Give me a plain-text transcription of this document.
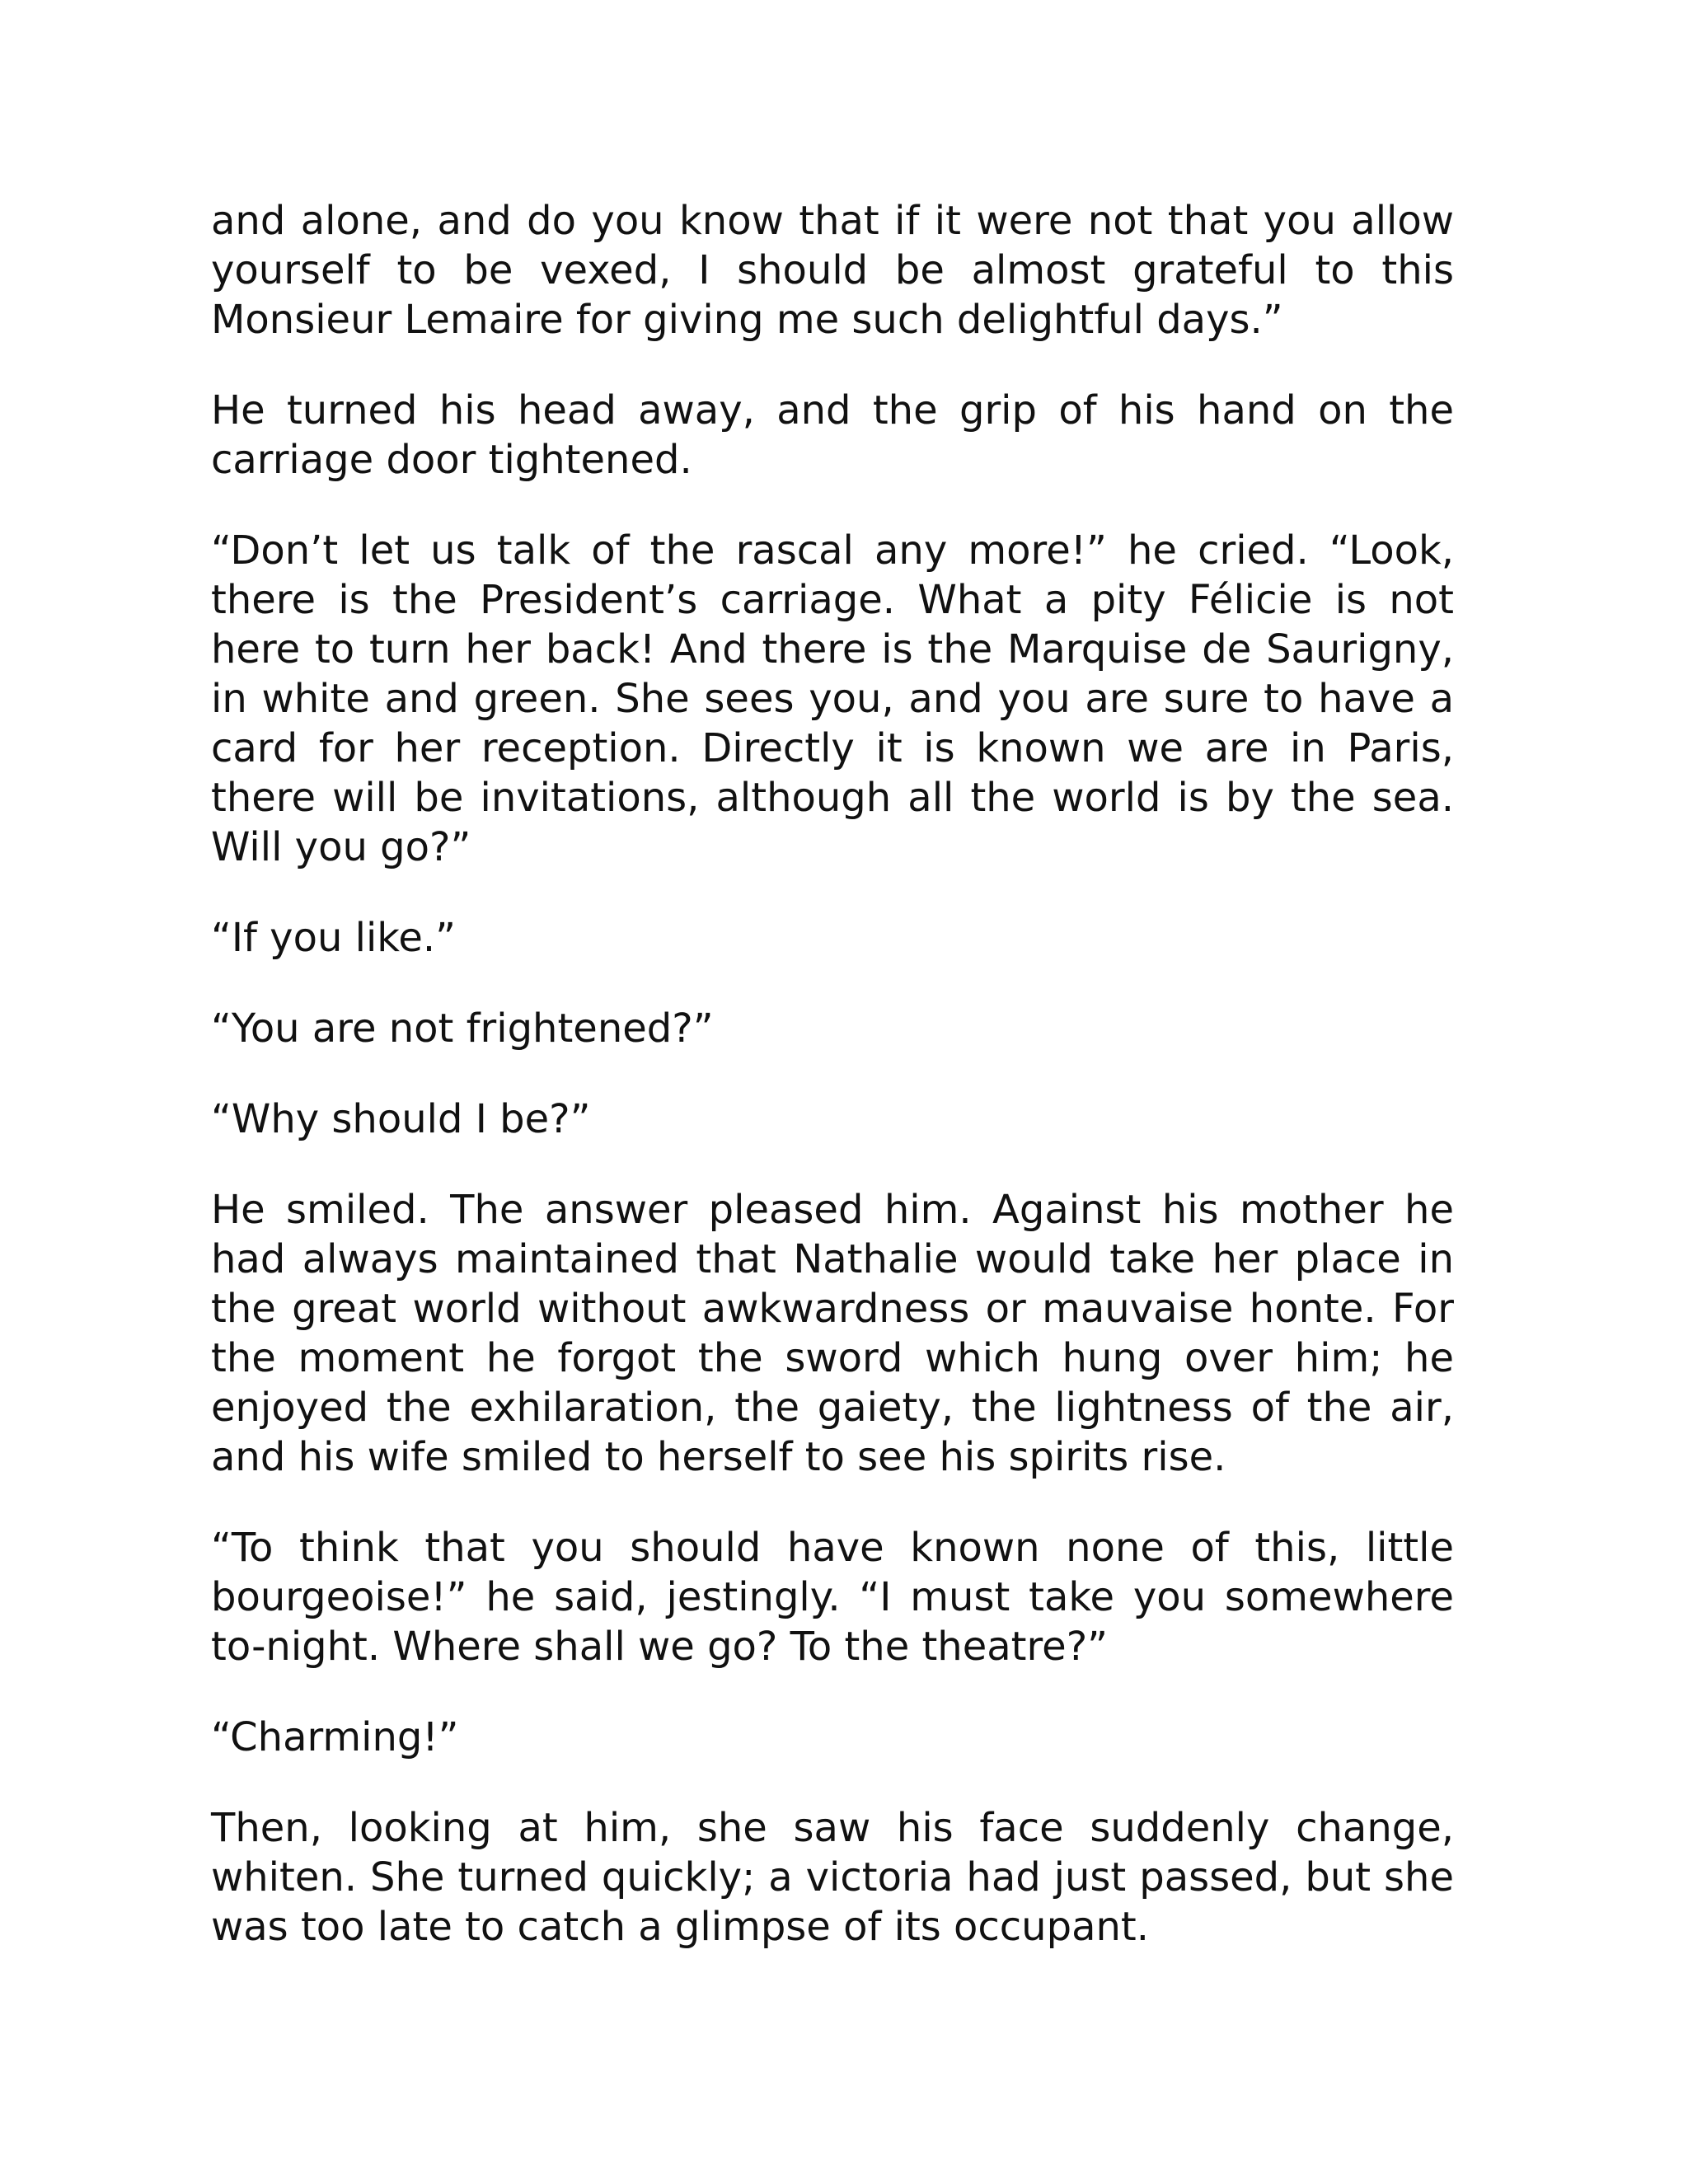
and alone, and do you know that if it were not that you allow yourself to be vexed, I should be almost grateful to this Monsieur Lemaire for giving me such delightful days.”

He turned his head away, and the grip of his hand on the carriage door tightened.

“Don’t let us talk of the rascal any more!” he cried. “Look, there is the President’s carriage. What a pity Félicie is not here to turn her back! And there is the Marquise de Saurigny, in white and green. She sees you, and you are sure to have a card for her reception. Directly it is known we are in Paris, there will be invitations, although all the world is by the sea. Will you go?”

“If you like.”

“You are not frightened?”

“Why should I be?”

He smiled. The answer pleased him. Against his mother he had always maintained that Nathalie would take her place in the great world without awkwardness or mauvaise honte. For the moment he forgot the sword which hung over him; he enjoyed the exhilaration, the gaiety, the lightness of the air, and his wife smiled to herself to see his spirits rise.

“To think that you should have known none of this, little bourgeoise!” he said, jestingly. “I must take you somewhere to-night. Where shall we go? To the theatre?”

“Charming!”

Then, looking at him, she saw his face suddenly change, whiten. She turned quickly; a victoria had just passed, but she was too late to catch a glimpse of its occupant.
